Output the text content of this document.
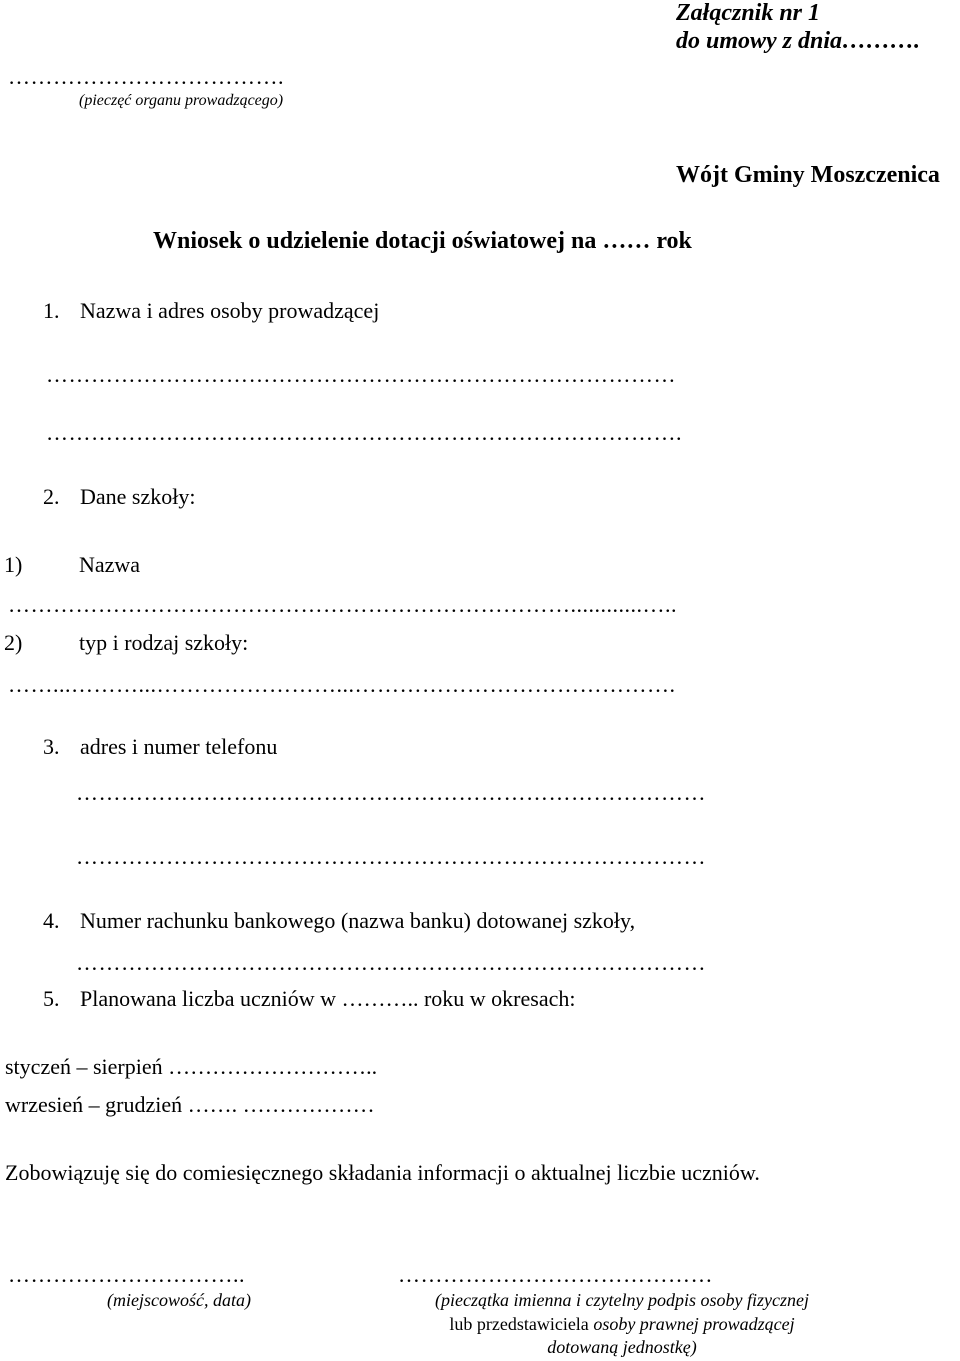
Załącznik nr 1
do umowy z dnia……….
……………………………….
(pieczęć organu prowadzącego)
Wójt Gminy Moszczenica
Wniosek o udzielenie dotacji oświatowej na …… rok
1. Nazwa i adres osoby prowadzącej
…………………………………………………………………………
………………………………………………………………………….
2. Dane szkoły:
1)	Nazwa
…………………………………………………………………............…..
2)	typ i rodzaj szkoły:
……...………...……………………...…………………………………….
3. adres i numer telefonu
…………………………………………………………………………
…………………………………………………………………………
4. Numer rachunku bankowego (nazwa banku) dotowanej szkoły,
…………………………………………………………………………
5. Planowana liczba uczniów w ……….. roku w okresach:
styczeń – sierpień ………………………..
wrzesień – grudzień ……. ………………
Zobowiązuję się do comiesięcznego składania informacji o aktualnej liczbie uczniów.
…………………………..
(miejscowość, data)
……………………………………
(pieczątka imienna i czytelny podpis osoby fizycznej
lub przedstawiciela osoby prawnej prowadzącej
dotowaną jednostkę)
